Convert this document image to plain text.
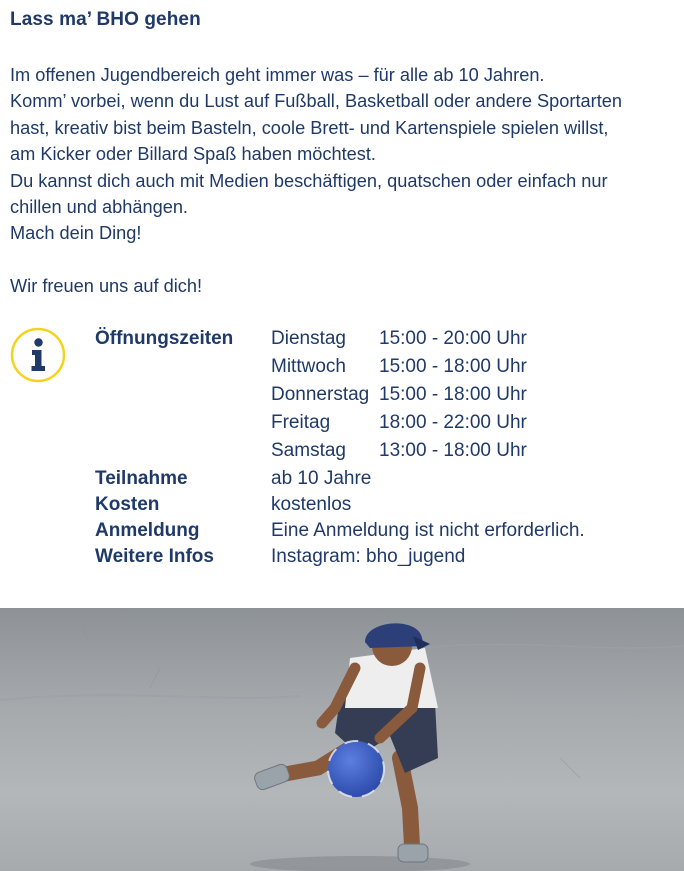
Lass ma’ BHO gehen

Im offenen Jugendbereich geht immer was – für alle ab 10 Jahren.

Komm’ vorbei, wenn du Lust auf Fußball, Basketball oder andere Sportarten

hast, kreativ bist beim Basteln, coole Brett- und Kartenspiele spielen willst,

am Kicker oder Billard Spaß haben möchtest.

Du kannst dich auch mit Medien beschäftigen, quatschen oder einfach nur

chillen und abhängen.

Mach dein Ding!

Wir freuen uns auf dich!

Öffnungszeiten Dienstag 15:00 - 20:00 Uhr
Mittwoch 15:00 - 18:00 Uhr
Donnerstag 15:00 - 18:00 Uhr
Freitag	18:00 - 22:00 Uhr
Samstag 13:00 - 18:00 Uhr
Teilnahme	ab 10 Jahre
Kosten	kostenlos
Anmeldung	Eine Anmeldung ist nicht erforderlich.
Weitere Infos	Instagram: bho_jugend
